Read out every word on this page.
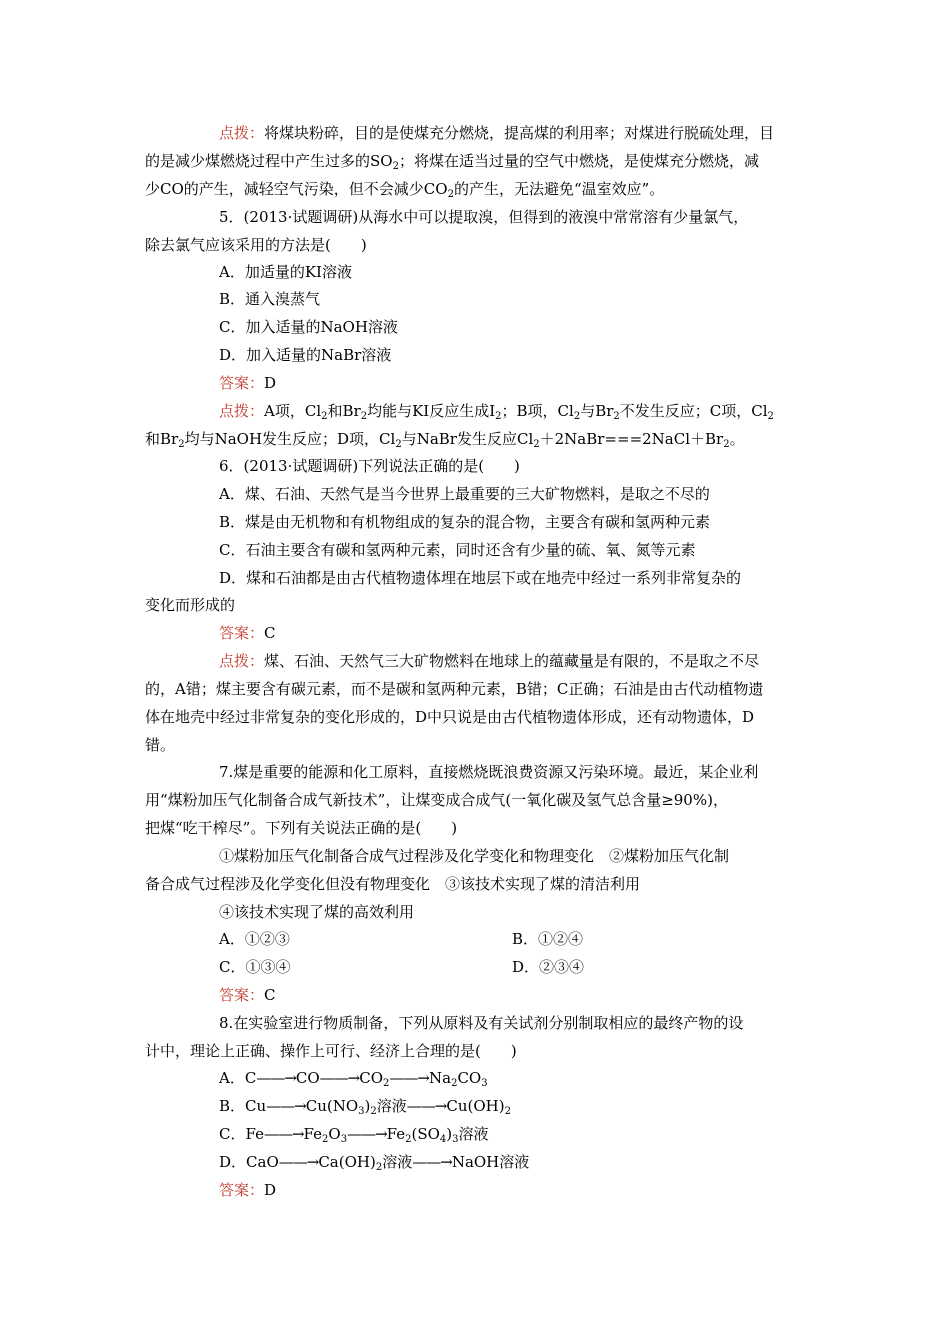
点拨：将煤块粉碎，目的是使煤充分燃烧，提高煤的利用率；对煤进行脱硫处理，目
的是减少煤燃烧过程中产生过多的$SO_2$；将煤在适当过量的空气中燃烧，是使煤充分燃烧，减
少CO的产生，减轻空气污染，但不会减少$CO_2$的产生，无法避免“温室效应”。
5．(2013·试题调研)从海水中可以提取溴，但得到的液溴中常常溶有少量氯气，
除去氯气应该采用的方法是(　　)
A．加适量的KI溶液
B．通入溴蒸气
C．加入适量的NaOH溶液
D．加入适量的NaBr溶液
答案：D
点拨：A项，$Cl_2$和$Br_2$均能与KI反应生成$I_2$；B项，$Cl_2$与$Br_2$不发生反应；C项，$Cl_2$
和$Br_2$均与NaOH发生反应；D项，$Cl_2$与NaBr发生反应$Cl_2+2NaBr===2NaCl+Br_2$。
6．(2013·试题调研)下列说法正确的是(　　)
A．煤、石油、天然气是当今世界上最重要的三大矿物燃料，是取之不尽的
B．煤是由无机物和有机物组成的复杂的混合物，主要含有碳和氢两种元素
C．石油主要含有碳和氢两种元素，同时还含有少量的硫、氧、氮等元素
D．煤和石油都是由古代植物遗体埋在地层下或在地壳中经过一系列非常复杂的
变化而形成的
答案：C
点拨：煤、石油、天然气三大矿物燃料在地球上的蕴藏量是有限的，不是取之不尽
的，A错；煤主要含有碳元素，而不是碳和氢两种元素，B错；C正确；石油是由古代动植物遗
体在地壳中经过非常复杂的变化形成的，D中只说是由古代植物遗体形成，还有动物遗体，D
错。
7.煤是重要的能源和化工原料，直接燃烧既浪费资源又污染环境。最近，某企业利
用“煤粉加压气化制备合成气新技术”，让煤变成合成气(一氧化碳及氢气总含量≥90%)，
把煤“吃干榨尽”。下列有关说法正确的是(　　)
①煤粉加压气化制备合成气过程涉及化学变化和物理变化　②煤粉加压气化制
备合成气过程涉及化学变化但没有物理变化　③该技术实现了煤的清洁利用
④该技术实现了煤的高效利用
A．①②③	B．①②④
C．①③④	D．②③④
答案：C
8.在实验室进行物质制备，下列从原料及有关试剂分别制取相应的最终产物的设
计中，理论上正确、操作上可行、经济上合理的是(　　)
A．$C——\to CO——\to CO_2——\to Na_2CO_3$
B．$Cu——\to Cu(NO_3)_2$溶液$——\to Cu(OH)_2$
C．$Fe——\to Fe_2O_3——\to Fe_2(SO_4)_3$溶液
D．$CaO——\to Ca(OH)_2$溶液——→NaOH溶液
答案：D
